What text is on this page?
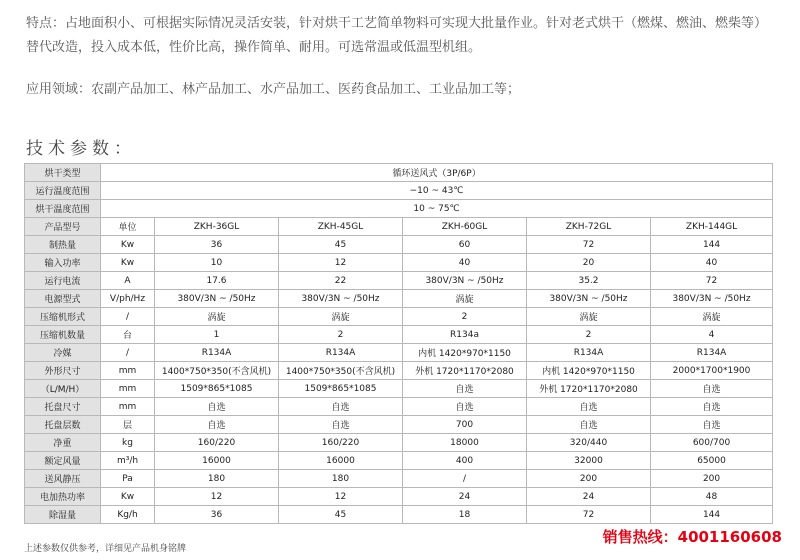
特点：占地面积小、可根据实际情况灵活安装，针对烘干工艺简单物料可实现大批量作业。针对老式烘干（燃煤、燃油、燃柴等）

替代改造，投入成本低，性价比高，操作简单、耐用。可选常温或低温型机组。

应用领域：农副产品加工、林产品加工、水产品加工、医药食品加工、工业品加工等；

技术参数：
烘干类型	循环送风式（3P/6P）					
运行温度范围	−10 ~ 43℃					
烘干温度范围	10 ~ 75℃					
产品型号	单位	ZKH-36GL	ZKH-45GL	ZKH-60GL	ZKH-72GL	ZKH-144GL
制热量	Kw	36	45	60	72	144
输入功率	Kw	10	12	40	20	40
运行电流	A	17.6	22	380V/3N ~ /50Hz	35.2	72
电源型式	V/ph/Hz	380V/3N ~ /50Hz	380V/3N ~ /50Hz	涡旋	380V/3N ~ /50Hz	380V/3N ~ /50Hz
压缩机形式	/	涡旋	涡旋	2	涡旋	涡旋
压缩机数量	台	1	2	R134a	2	4
冷媒	/	R134A	R134A	内机 1420*970*1150	R134A	R134A
外形尺寸	mm	1400*750*350(不含风机)	1400*750*350(不含风机)	外机 1720*1170*2080	内机 1420*970*1150	2000*1700*1900
（L/M/H）	mm	1509*865*1085	1509*865*1085	自选	外机 1720*1170*2080	自选
托盘尺寸	mm	自选	自选	自选	自选	自选
托盘层数	层	自选	自选	700	自选	自选
净重	kg	160/220	160/220	18000	320/440	600/700
额定风量	m³/h	16000	16000	400	32000	65000
送风静压	Pa	180	180	/	200	200
电加热功率	Kw	12	12	24	24	48
除湿量	Kg/h	36	45	18	72	144
上述参数仅供参考，详细见产品机身铭牌
销售热线：4001160608
